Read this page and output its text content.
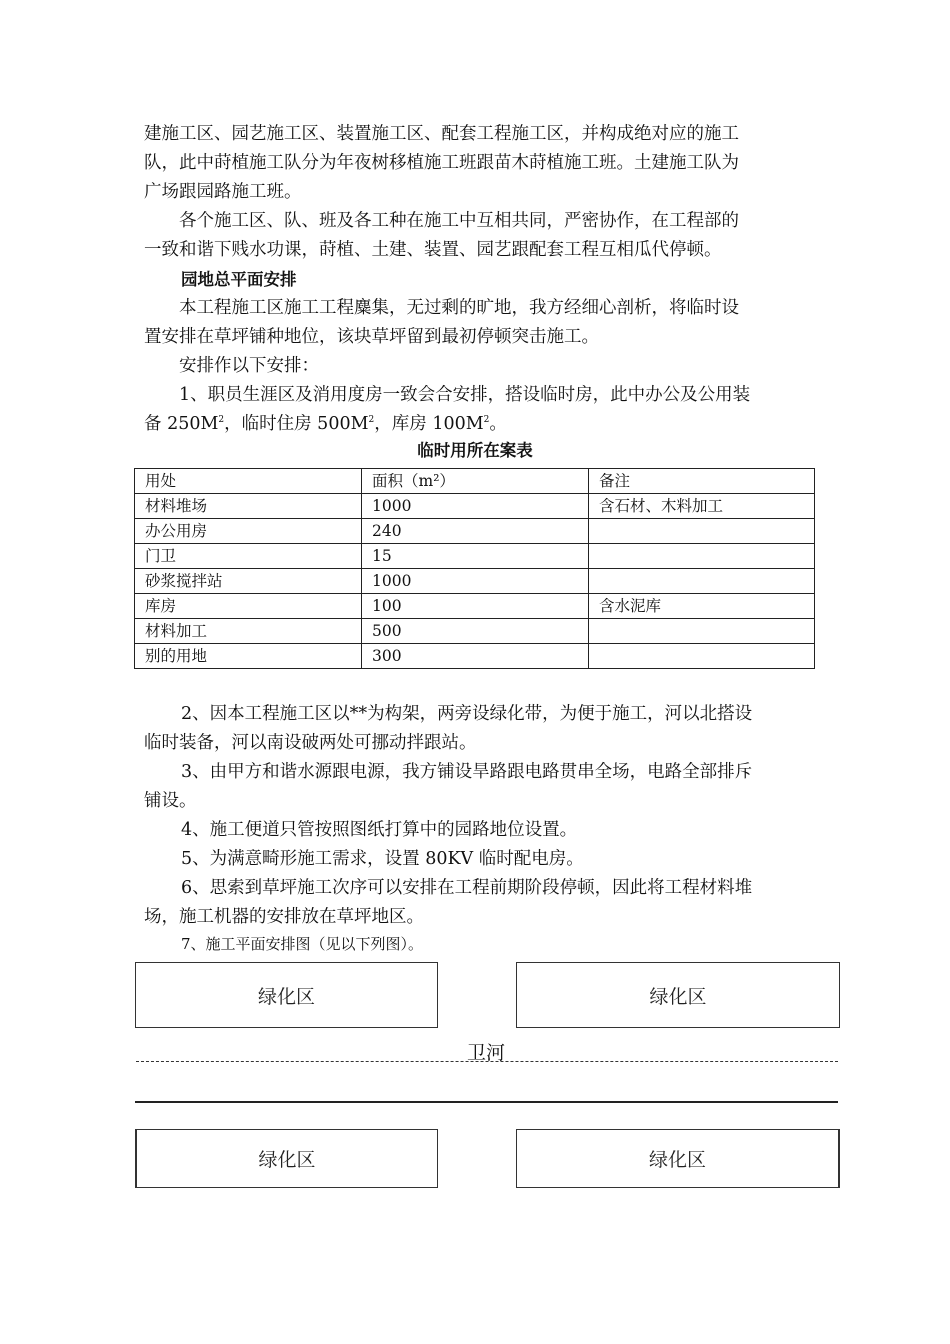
建施工区、园艺施工区、装置施工区、配套工程施工区，并构成绝对应的施工
队，此中莳植施工队分为年夜树移植施工班跟苗木莳植施工班。土建施工队为
广场跟园路施工班。
各个施工区、队、班及各工种在施工中互相共同，严密协作，在工程部的
一致和谐下贱水功课，莳植、土建、装置、园艺跟配套工程互相瓜代停顿。
园地总平面安排
本工程施工区施工工程麋集，无过剩的旷地，我方经细心剖析，将临时设
置安排在草坪铺种地位，该块草坪留到最初停顿突击施工。
安排作以下安排：
1、职员生涯区及消用度房一致会合安排，搭设临时房，此中办公及公用装
备 $250M^2$，临时住房 $500M^2$，库房 $100M^2$。
临时用所在案表
用处	面积（m²）	备注
材料堆场	1000	含石材、木料加工
办公用房	240	
门卫	15	
砂浆搅拌站	1000	
库房	100	含水泥库
材料加工	500	
别的用地	300	
2、因本工程施工区以**为构架，两旁设绿化带，为便于施工，河以北搭设
临时装备，河以南设破两处可挪动拌跟站。
3、由甲方和谐水源跟电源，我方铺设旱路跟电路贯串全场，电路全部排斥
铺设。
4、施工便道只管按照图纸打算中的园路地位设置。
5、为满意畸形施工需求，设置 80KV 临时配电房。
6、思索到草坪施工次序可以安排在工程前期阶段停顿，因此将工程材料堆
场，施工机器的安排放在草坪地区。
7、施工平面安排图（见以下列图）。
绿化区	绿化区
卫河
绿化区	绿化区
